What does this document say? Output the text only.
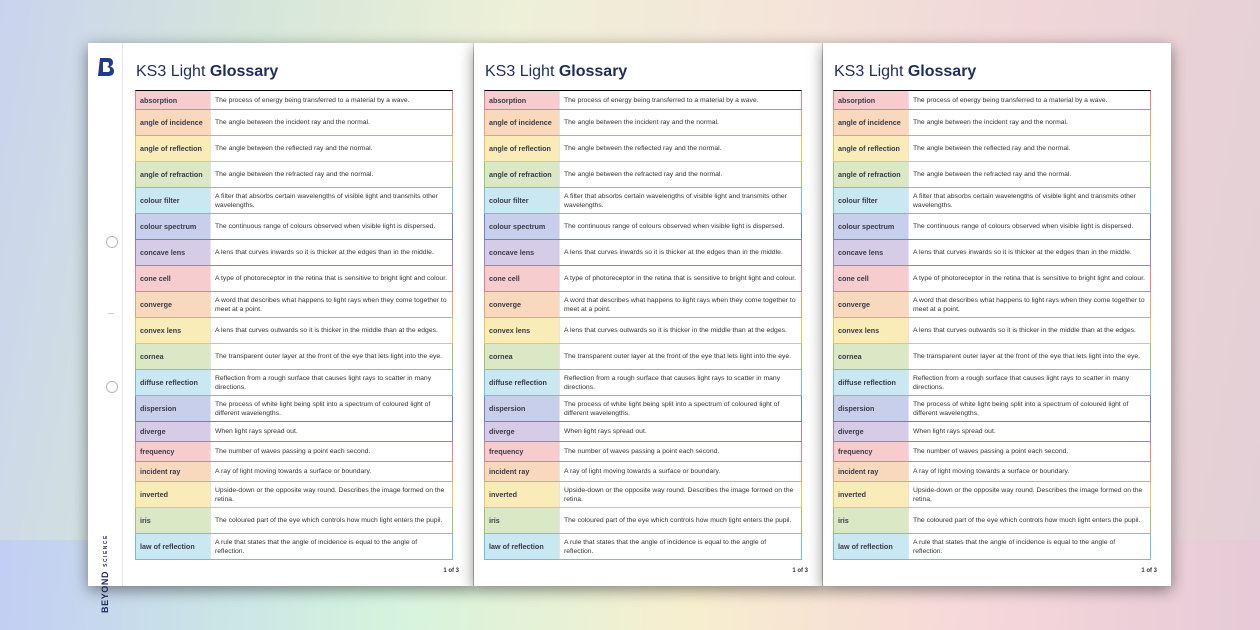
BEYONDSCIENCE
KS3 Light Glossary
absorption	The process of energy being transferred to a material by a wave.
angle of incidence	The angle between the incident ray and the normal.
angle of reflection	The angle between the reflected ray and the normal.
angle of refraction	The angle between the refracted ray and the normal.
colour filter	A filter that absorbs certain wavelengths of visible light and transmits other wavelengths.
colour spectrum	The continuous range of colours observed when visible light is dispersed.
concave lens	A lens that curves inwards so it is thicker at the edges than in the middle.
cone cell	A type of photoreceptor in the retina that is sensitive to bright light and colour.
converge	A word that describes what happens to light rays when they come together to meet at a point.
convex lens	A lens that curves outwards so it is thicker in the middle than at the edges.
cornea	The transparent outer layer at the front of the eye that lets light into the eye.
diffuse reflection	Reflection from a rough surface that causes light rays to scatter in many directions.
dispersion	The process of white light being split into a spectrum of coloured light of different wavelengths.
diverge	When light rays spread out.
frequency	The number of waves passing a point each second.
incident ray	A ray of light moving towards a surface or boundary.
inverted	Upside-down or the opposite way round. Describes the image formed on the retina.
iris	The coloured part of the eye which controls how much light enters the pupil.
law of reflection	A rule that states that the angle of incidence is equal to the angle of reflection.
1 of 3
KS3 Light Glossary
absorption	The process of energy being transferred to a material by a wave.
angle of incidence	The angle between the incident ray and the normal.
angle of reflection	The angle between the reflected ray and the normal.
angle of refraction	The angle between the refracted ray and the normal.
colour filter	A filter that absorbs certain wavelengths of visible light and transmits other wavelengths.
colour spectrum	The continuous range of colours observed when visible light is dispersed.
concave lens	A lens that curves inwards so it is thicker at the edges than in the middle.
cone cell	A type of photoreceptor in the retina that is sensitive to bright light and colour.
converge	A word that describes what happens to light rays when they come together to meet at a point.
convex lens	A lens that curves outwards so it is thicker in the middle than at the edges.
cornea	The transparent outer layer at the front of the eye that lets light into the eye.
diffuse reflection	Reflection from a rough surface that causes light rays to scatter in many directions.
dispersion	The process of white light being split into a spectrum of coloured light of different wavelengths.
diverge	When light rays spread out.
frequency	The number of waves passing a point each second.
incident ray	A ray of light moving towards a surface or boundary.
inverted	Upside-down or the opposite way round. Describes the image formed on the retina.
iris	The coloured part of the eye which controls how much light enters the pupil.
law of reflection	A rule that states that the angle of incidence is equal to the angle of reflection.
1 of 3
KS3 Light Glossary
absorption	The process of energy being transferred to a material by a wave.
angle of incidence	The angle between the incident ray and the normal.
angle of reflection	The angle between the reflected ray and the normal.
angle of refraction	The angle between the refracted ray and the normal.
colour filter	A filter that absorbs certain wavelengths of visible light and transmits other wavelengths.
colour spectrum	The continuous range of colours observed when visible light is dispersed.
concave lens	A lens that curves inwards so it is thicker at the edges than in the middle.
cone cell	A type of photoreceptor in the retina that is sensitive to bright light and colour.
converge	A word that describes what happens to light rays when they come together to meet at a point.
convex lens	A lens that curves outwards so it is thicker in the middle than at the edges.
cornea	The transparent outer layer at the front of the eye that lets light into the eye.
diffuse reflection	Reflection from a rough surface that causes light rays to scatter in many directions.
dispersion	The process of white light being split into a spectrum of coloured light of different wavelengths.
diverge	When light rays spread out.
frequency	The number of waves passing a point each second.
incident ray	A ray of light moving towards a surface or boundary.
inverted	Upside-down or the opposite way round. Describes the image formed on the retina.
iris	The coloured part of the eye which controls how much light enters the pupil.
law of reflection	A rule that states that the angle of incidence is equal to the angle of reflection.
1 of 3
